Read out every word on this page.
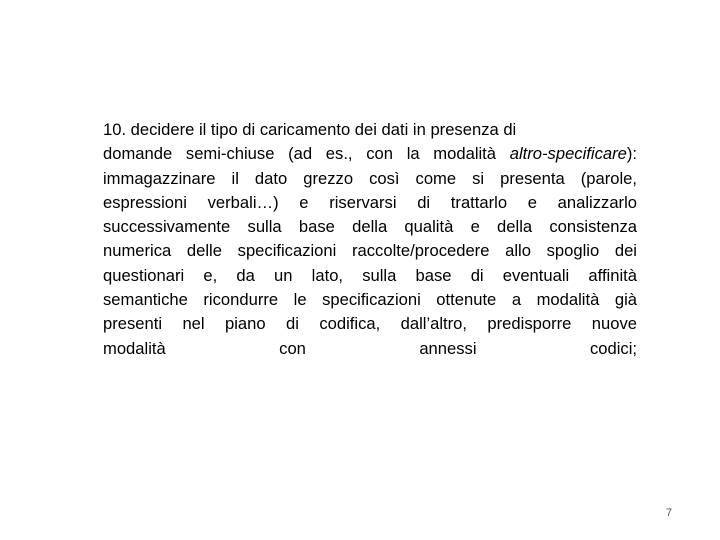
10. decidere il tipo di caricamento dei dati in presenza di
domande semi-chiuse (ad es., con la modalità altro-specificare):
immagazzinare il dato grezzo così come si presenta (parole,
espressioni verbali…) e riservarsi di trattarlo e analizzarlo
successivamente sulla base della qualità e della consistenza
numerica delle specificazioni raccolte/procedere allo spoglio dei
questionari e, da un lato, sulla base di eventuali affinità
semantiche ricondurre le specificazioni ottenute a modalità già
presenti nel piano di codifica, dall’altro, predisporre nuove
modalità con annessi codici;
7
